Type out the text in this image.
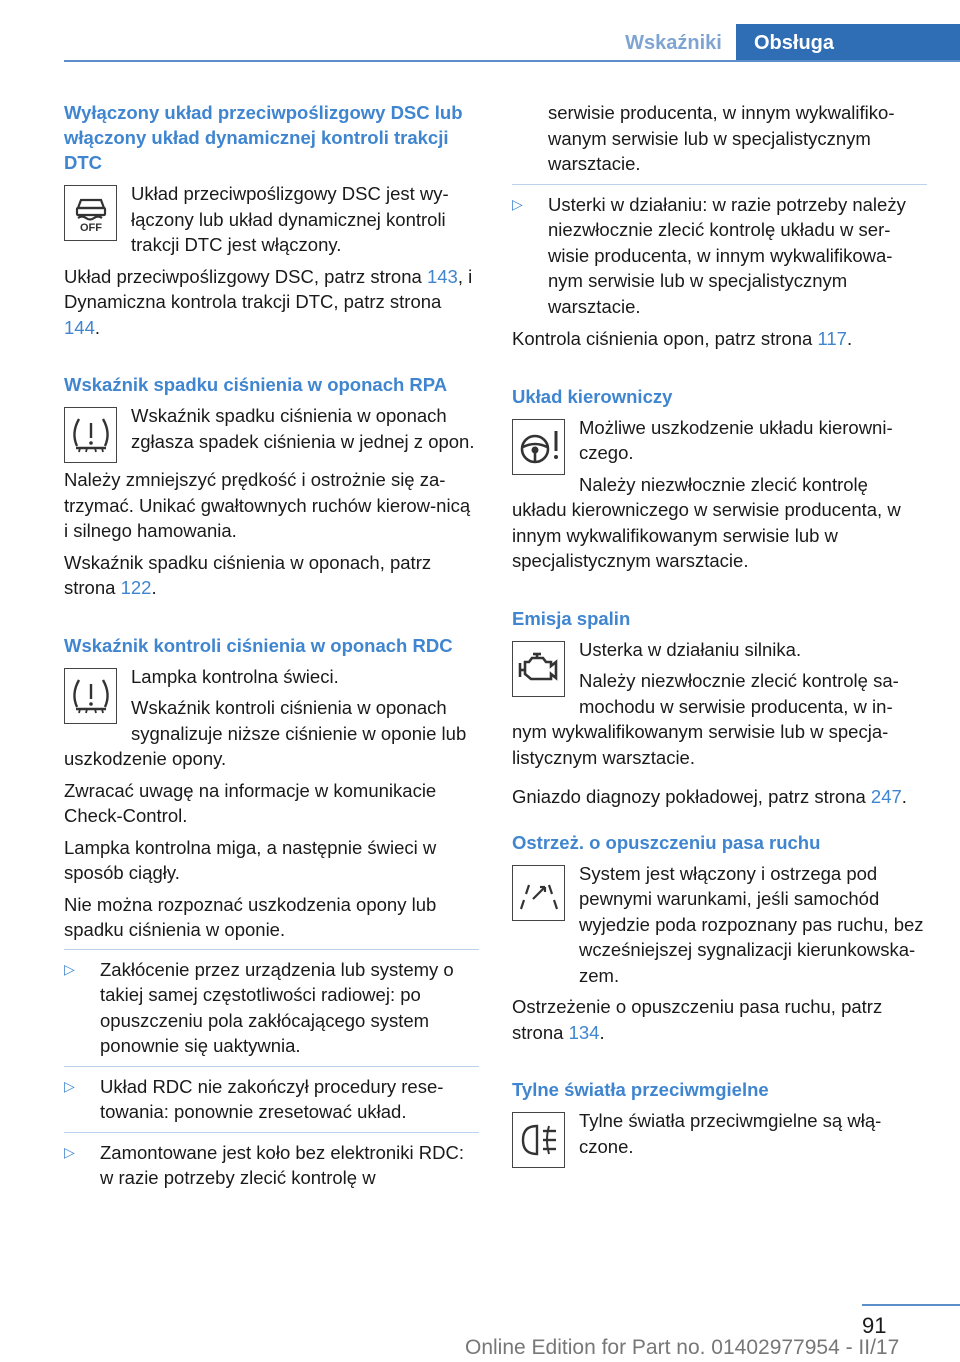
Wskaźniki	Obsługa
Wyłączony układ przeciwpoślizgowy DSC lub włączony układ dynamicznej kontroli trakcji DTC
OFF

Układ przeciwpoślizgowy DSC jest wy-łączony lub układ dynamicznej kontroli trakcji DTC jest włączony.

Układ przeciwpoślizgowy DSC, patrz strona 143, i Dynamiczna kontrola trakcji DTC, patrz strona 144.

Wskaźnik spadku ciśnienia w oponach RPA

Wskaźnik spadku ciśnienia w oponach zgłasza spadek ciśnienia w jednej z opon.

Należy zmniejszyć prędkość i ostrożnie się za-trzymać. Unikać gwałtownych ruchów kierow-nicą i silnego hamowania.

Wskaźnik spadku ciśnienia w oponach, patrz strona 122.

Wskaźnik kontroli ciśnienia w oponach RDC

Lampka kontrolna świeci.

Wskaźnik kontroli ciśnienia w oponach sygnalizuje niższe ciśnienie w oponie lub uszkodzenie opony.

Zwracać uwagę na informacje w komunikacie Check-Control.

Lampka kontrolna miga, a następnie świeci w sposób ciągły.

Nie można rozpoznać uszkodzenia opony lub spadku ciśnienia w oponie.

▷	Zakłócenie przez urządzenia lub systemy o takiej samej częstotliwości radiowej: po opuszczeniu pola zakłócającego system ponownie się uaktywnia.
▷	Układ RDC nie zakończył procedury rese-towania: ponownie zresetować układ.
▷	Zamontowane jest koło bez elektroniki RDC: w razie potrzeby zlecić kontrolę w
serwisie producenta, w innym wykwalifiko-wanym serwisie lub w specjalistycznym warsztacie.
▷	Usterki w działaniu: w razie potrzeby należy niezwłocznie zlecić kontrolę układu w ser-wisie producenta, w innym wykwalifikowa-nym serwisie lub w specjalistycznym warsztacie.

Kontrola ciśnienia opon, patrz strona 117.

Układ kierowniczy

Możliwe uszkodzenie układu kierowni-czego.

Należy niezwłocznie zlecić kontrolę układu kierowniczego w serwisie producenta, w innym wykwalifikowanym serwisie lub w specjalistycznym warsztacie.

Emisja spalin

Usterka w działaniu silnika.

Należy niezwłocznie zlecić kontrolę sa-mochodu w serwisie producenta, w in-nym wykwalifikowanym serwisie lub w specja-listycznym warsztacie.

Gniazdo diagnozy pokładowej, patrz strona 247.

Ostrzeż. o opuszczeniu pasa ruchu

System jest włączony i ostrzega pod pewnymi warunkami, jeśli samochód wyjedzie poda rozpoznany pas ruchu, bez wcześniejszej sygnalizacji kierunkowska-zem.

Ostrzeżenie o opuszczeniu pasa ruchu, patrz strona 134.

Tylne światła przeciwmgielne

Tylne światła przeciwmgielne są włą-czone.

91
Online Edition for Part no. 01402977954 - II/17
